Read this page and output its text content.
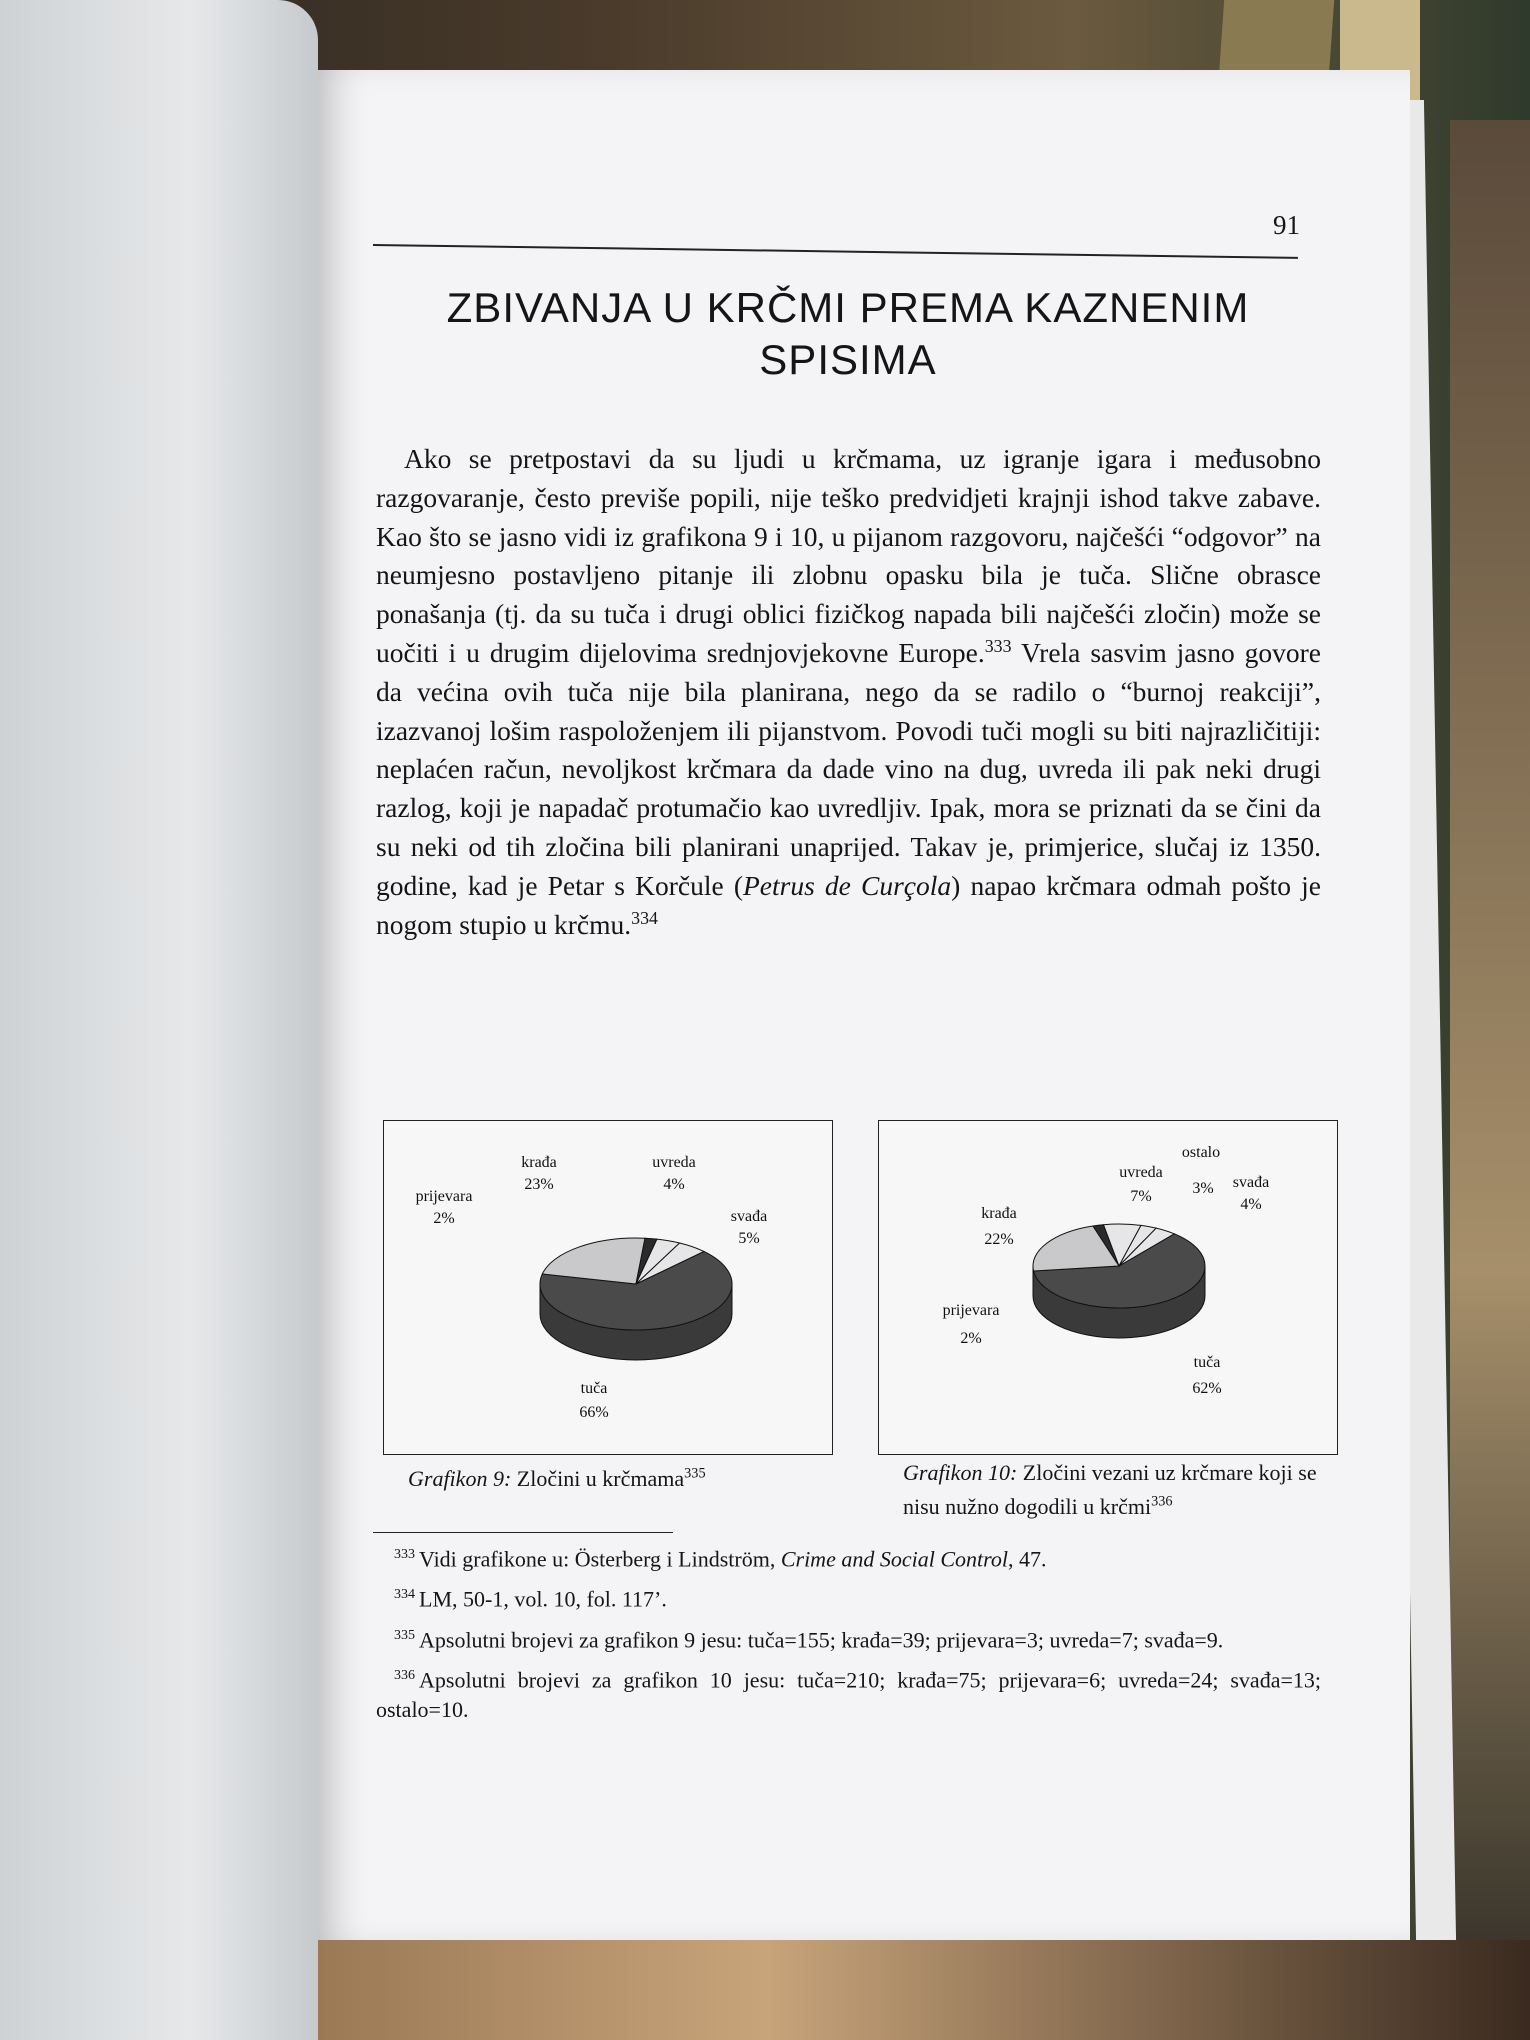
91
ZBIVANJA U KRČMI PREMA KAZNENIM
SPISIMA

Ako se pretpostavi da su ljudi u krčmama, uz igranje igara i međusobno razgovaranje, često previše popili, nije teško predvidjeti krajnji ishod takve zabave. Kao što se jasno vidi iz grafikona 9 i 10, u pijanom razgovoru, najčešći “odgovor” na neumjesno postavljeno pitanje ili zlobnu opasku bila je tuča. Slične obrasce ponašanja (tj. da su tuča i drugi oblici fizičkog napada bili najčešći zločin) može se uočiti i u drugim dijelovima srednjovjekovne Europe.$^{333}$ Vrela sasvim jasno govore da većina ovih tuča nije bila planirana, nego da se radilo o “burnoj reakciji”, izazvanoj lošim raspoloženjem ili pijanstvom. Povodi tuči mogli su biti najrazličitiji: neplaćen račun, nevoljkost krčmara da dade vino na dug, uvreda ili pak neki drugi razlog, koji je napadač protumačio kao uvredljiv. Ipak, mora se priznati da se čini da su neki od tih zločina bili planirani unaprijed. Takav je, primjerice, slučaj iz 1350. godine, kad je Petar s Korčule (Petrus de Curçola) napao krčmara odmah pošto je nogom stupio u krčmu.$^{334}$

krađa
23%
uvreda
4%
prijevara
2%	svađa
5%
tuča
66%
uvreda
7%
ostalo
3% svađa
4%
krađa
22%
prijevara
2%
tuča
62%
Grafikon 9: Zločini u krčmama$^{335}$	Grafikon 10: Zločini vezani uz krčmare koji se nisu nužno dogodili u krčmi$^{336}$

$^{333}$ Vidi grafikone u: Österberg i Lindström, Crime and Social Control, 47.

$^{334}$ LM, 50-1, vol. 10, fol. 117’.

$^{335}$ Apsolutni brojevi za grafikon 9 jesu: tuča=155; krađa=39; prijevara=3; uvreda=7; svađa=9.

$^{336}$ Apsolutni brojevi za grafikon 10 jesu: tuča=210; krađa=75; prijevara=6; uvreda=24; svađa=13; ostalo=10.
